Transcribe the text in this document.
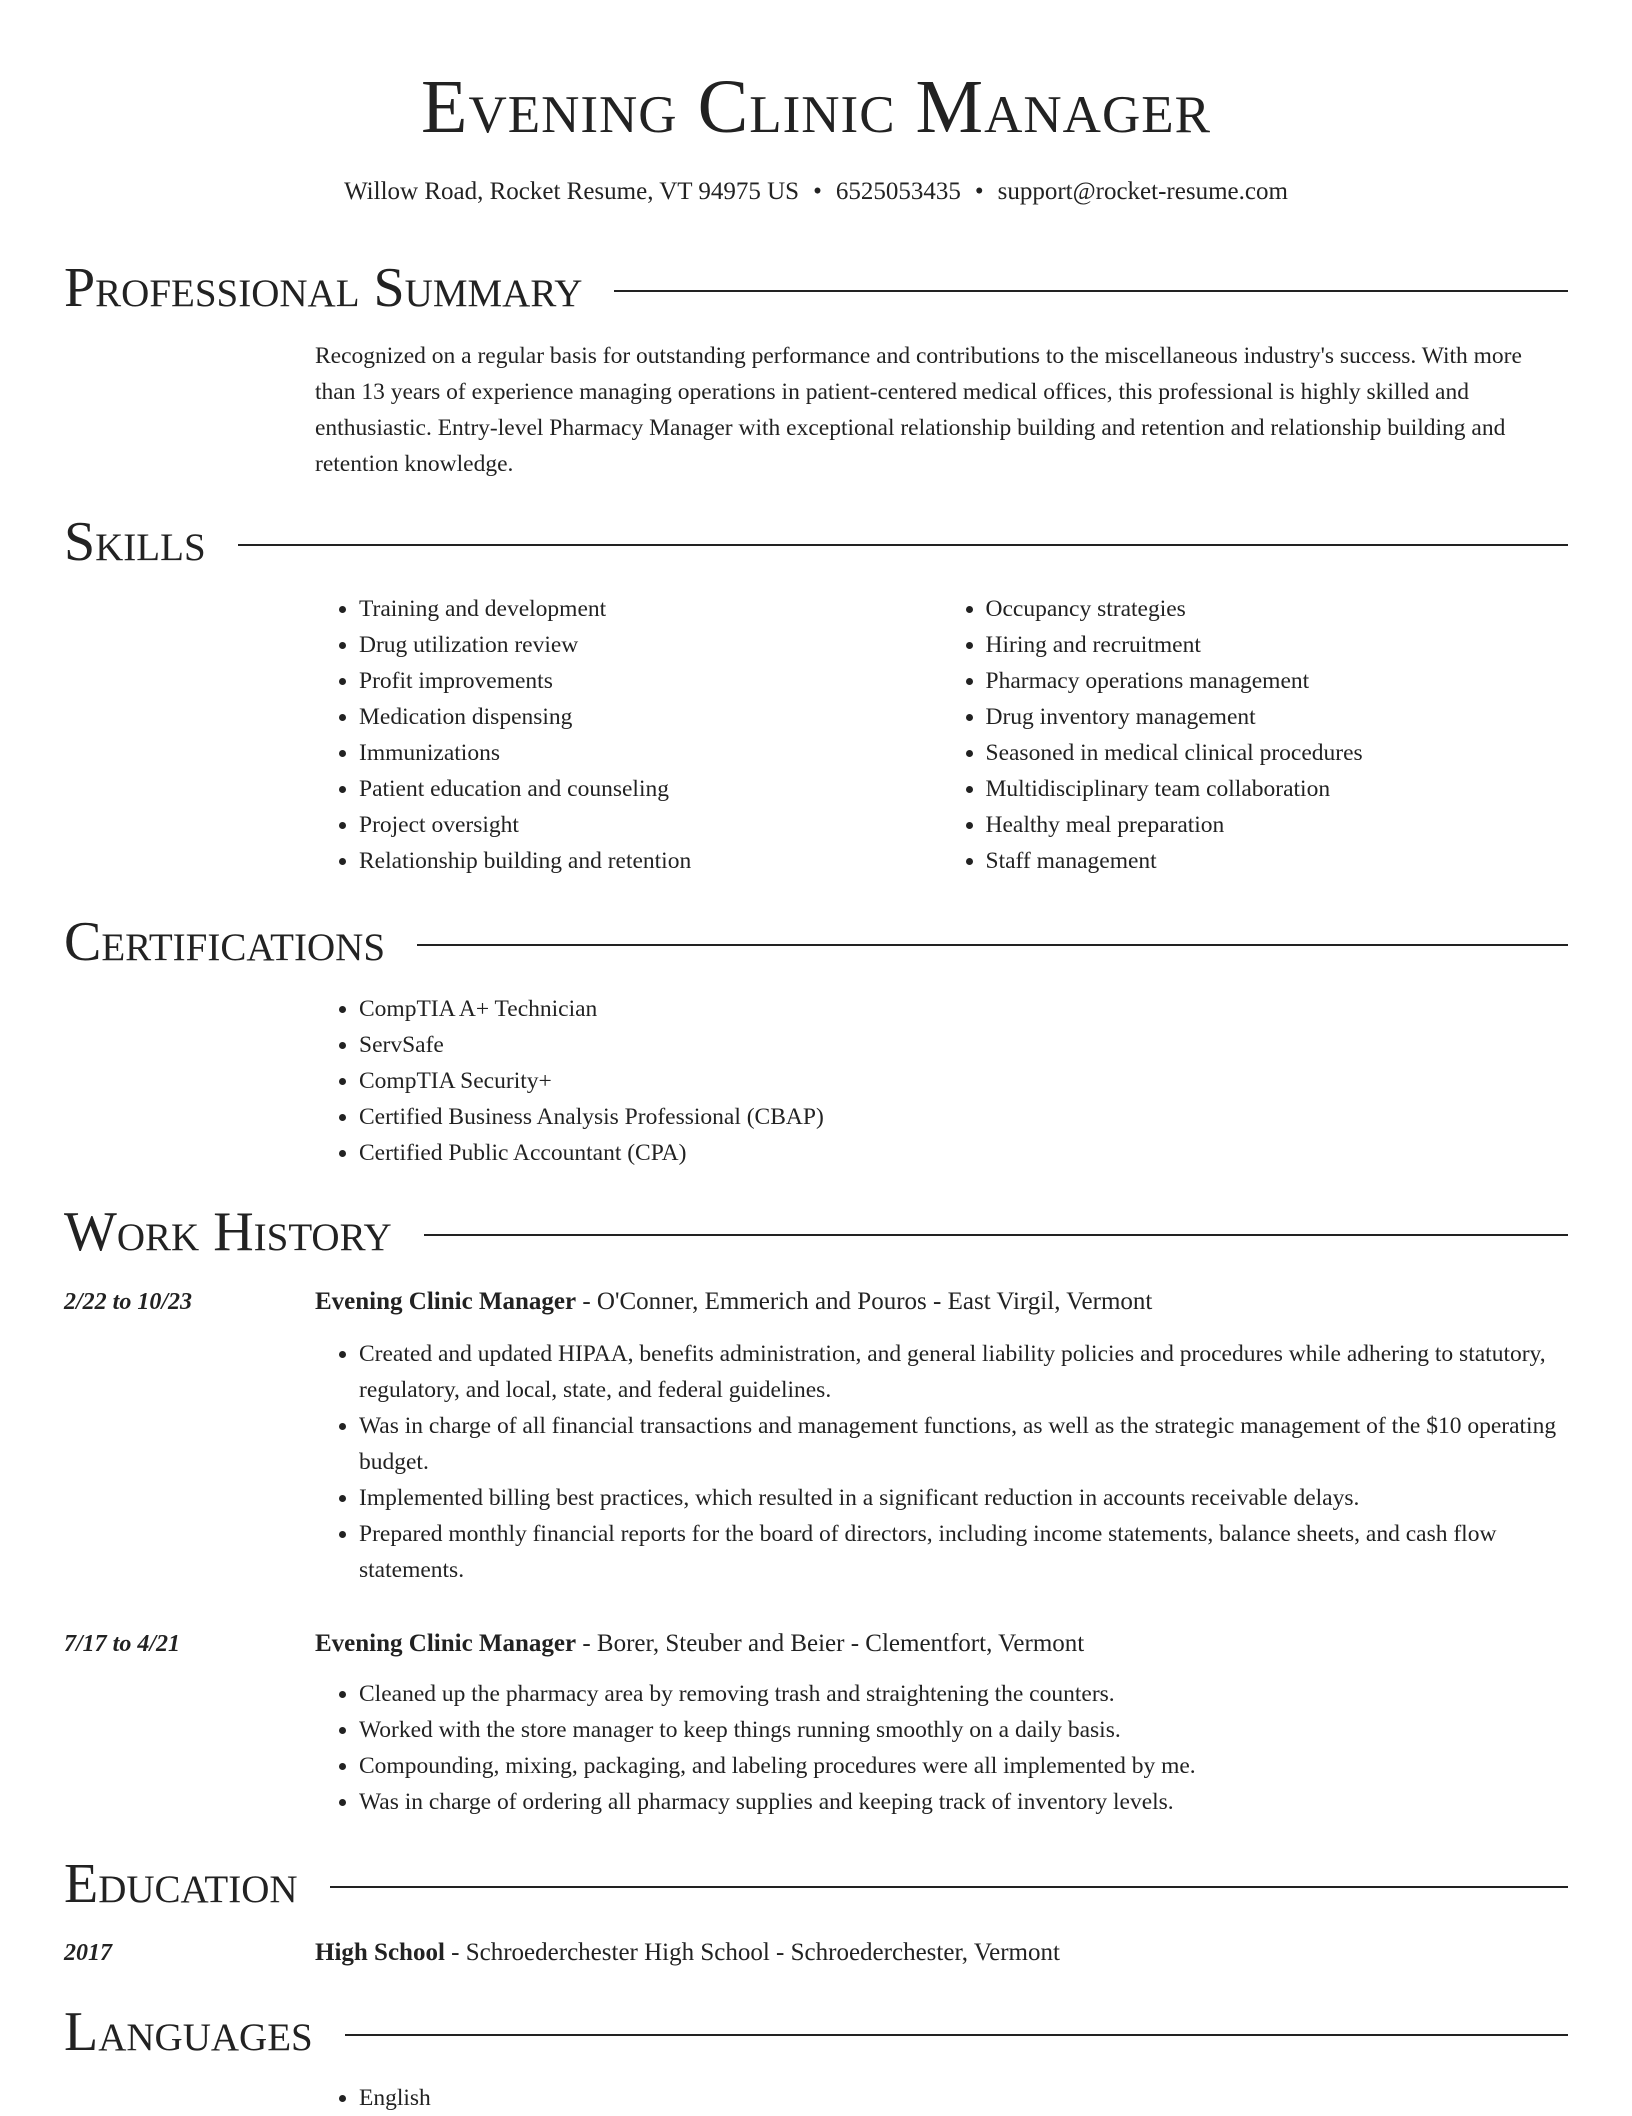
Evening Clinic Manager
Willow Road, Rocket Resume, VT 94975 US • 6525053435 • support@rocket-resume.com
Professional Summary

Recognized on a regular basis for outstanding performance and contributions to the miscellaneous industry's success. With more than 13 years of experience managing operations in patient-centered medical offices, this professional is highly skilled and enthusiastic. Entry-level Pharmacy Manager with exceptional relationship building and retention and relationship building and retention knowledge.

Skills
• Training and development
• Drug utilization review
• Profit improvements
• Medication dispensing
• Immunizations
• Patient education and counseling
• Project oversight
• Relationship building and retention
• Occupancy strategies
• Hiring and recruitment
• Pharmacy operations management
• Drug inventory management
• Seasoned in medical clinical procedures
• Multidisciplinary team collaboration
• Healthy meal preparation
• Staff management
Certifications
• CompTIA A+ Technician
• ServSafe
• CompTIA Security+
• Certified Business Analysis Professional (CBAP)
• Certified Public Accountant (CPA)
Work History
2/22 to 10/23	Evening Clinic Manager - O'Conner, Emmerich and Pouros - East Virgil, Vermont
• Created and updated HIPAA, benefits administration, and general liability policies and procedures while adhering to statutory, regulatory, and local, state, and federal guidelines.
• Was in charge of all financial transactions and management functions, as well as the strategic management of the $10 operating budget.
• Implemented billing best practices, which resulted in a significant reduction in accounts receivable delays.
• Prepared monthly financial reports for the board of directors, including income statements, balance sheets, and cash flow statements.
7/17 to 4/21	Evening Clinic Manager - Borer, Steuber and Beier - Clementfort, Vermont
• Cleaned up the pharmacy area by removing trash and straightening the counters.
• Worked with the store manager to keep things running smoothly on a daily basis.
• Compounding, mixing, packaging, and labeling procedures were all implemented by me.
• Was in charge of ordering all pharmacy supplies and keeping track of inventory levels.
Education
2017	High School - Schroederchester High School - Schroederchester, Vermont
Languages
• English
